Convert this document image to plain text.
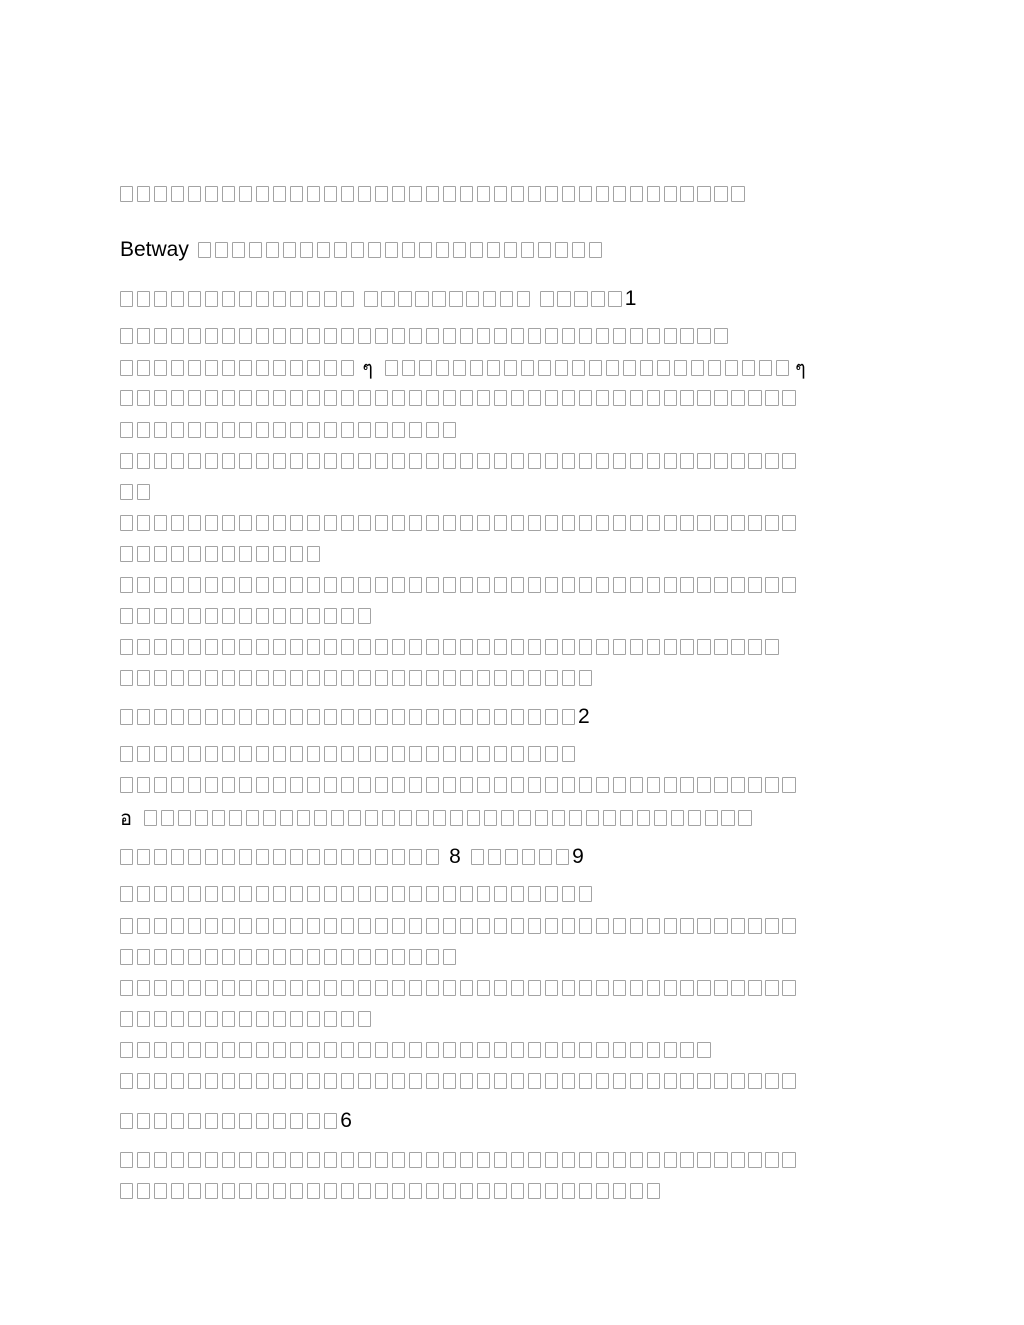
Betway
1
ๆ	ๆ
2
อ
8	9
6
